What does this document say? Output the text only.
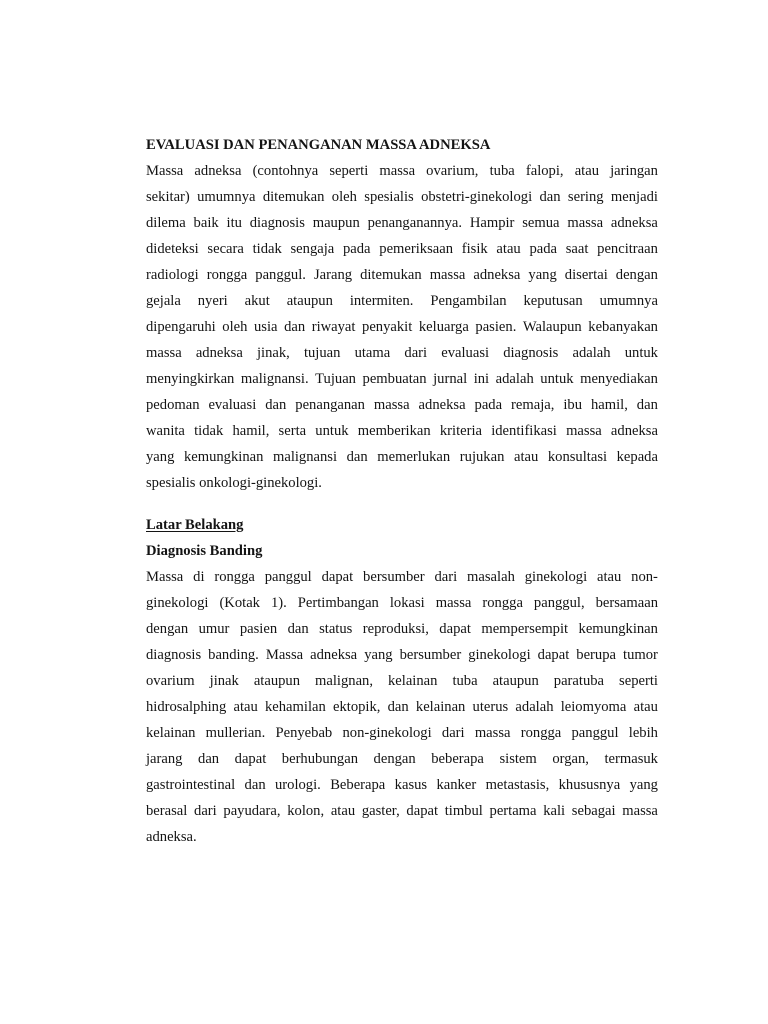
EVALUASI DAN PENANGANAN MASSA ADNEKSA
Massa adneksa (contohnya seperti massa ovarium, tuba falopi, atau jaringan
sekitar) umumnya ditemukan oleh spesialis obstetri-ginekologi dan sering menjadi
dilema baik itu diagnosis maupun penanganannya. Hampir semua massa adneksa
dideteksi secara tidak sengaja pada pemeriksaan fisik atau pada saat pencitraan
radiologi rongga panggul. Jarang ditemukan massa adneksa yang disertai dengan
gejala nyeri akut ataupun intermiten. Pengambilan keputusan umumnya
dipengaruhi oleh usia dan riwayat penyakit keluarga pasien. Walaupun kebanyakan
massa adneksa jinak, tujuan utama dari evaluasi diagnosis adalah untuk
menyingkirkan malignansi. Tujuan pembuatan jurnal ini adalah untuk menyediakan
pedoman evaluasi dan penanganan massa adneksa pada remaja, ibu hamil, dan
wanita tidak hamil, serta untuk memberikan kriteria identifikasi massa adneksa
yang kemungkinan malignansi dan memerlukan rujukan atau konsultasi kepada
spesialis onkologi-ginekologi.
Latar Belakang
Diagnosis Banding
Massa di rongga panggul dapat bersumber dari masalah ginekologi atau non-
ginekologi (Kotak 1). Pertimbangan lokasi massa rongga panggul, bersamaan
dengan umur pasien dan status reproduksi, dapat mempersempit kemungkinan
diagnosis banding. Massa adneksa yang bersumber ginekologi dapat berupa tumor
ovarium jinak ataupun malignan, kelainan tuba ataupun paratuba seperti
hidrosalphing atau kehamilan ektopik, dan kelainan uterus adalah leiomyoma atau
kelainan mullerian. Penyebab non-ginekologi dari massa rongga panggul lebih
jarang dan dapat berhubungan dengan beberapa sistem organ, termasuk
gastrointestinal dan urologi. Beberapa kasus kanker metastasis, khususnya yang
berasal dari payudara, kolon, atau gaster, dapat timbul pertama kali sebagai massa
adneksa.
